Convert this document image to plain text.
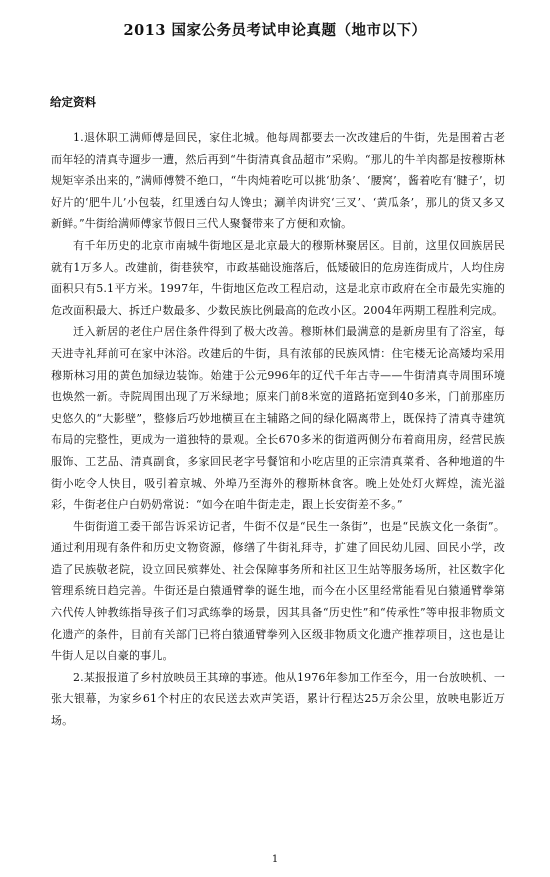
2013 国家公务员考试申论真题（地市以下）
给定资料

1.退休职工满师傅是回民，家住北城。他每周都要去一次改建后的牛街，先是围着古老而年轻的清真寺遛步一遭，然后再到“牛街清真食品超市”采购。“那儿的牛羊肉都是按穆斯林规矩宰杀出来的，”满师傅赞不绝口，“牛肉炖着吃可以挑‘肋条’、‘腰窝’，酱着吃有‘腱子’，切好片的‘肥牛儿’小包装，红里透白勾人馋虫；涮羊肉讲究‘三叉’、‘黄瓜条’，那儿的货又多又新鲜。”牛街给满师傅家节假日三代人聚餐带来了方便和欢愉。

有千年历史的北京市南城牛街地区是北京最大的穆斯林聚居区。目前，这里仅回族居民就有1万多人。改建前，街巷狭窄，市政基础设施落后，低矮破旧的危房连街成片，人均住房面积只有5.1平方米。1997年，牛街地区危改工程启动，这是北京市政府在全市最先实施的危改面积最大、拆迁户数最多、少数民族比例最高的危改小区。2004年两期工程胜利完成。

迁入新居的老住户居住条件得到了极大改善。穆斯林们最满意的是新房里有了浴室，每天进寺礼拜前可在家中沐浴。改建后的牛街，具有浓郁的民族风情：住宅楼无论高矮均采用穆斯林习用的黄色加绿边装饰。始建于公元996年的辽代千年古寺——牛街清真寺周围环境也焕然一新。寺院周围出现了万米绿地；原来门前8米宽的道路拓宽到40多米，门前那座历史悠久的“大影壁”，整修后巧妙地横亘在主辅路之间的绿化隔离带上，既保持了清真寺建筑布局的完整性，更成为一道独特的景观。全长670多米的街道两侧分布着商用房，经营民族服饰、工艺品、清真副食，多家回民老字号餐馆和小吃店里的正宗清真菜肴、各种地道的牛街小吃令人快目，吸引着京城、外埠乃至海外的穆斯林食客。晚上处处灯火辉煌，流光溢彩，牛街老住户白奶奶常说：“如今在咱牛街走走，跟上长安街差不多。”

牛街街道工委干部告诉采访记者，牛街不仅是“民生一条街”，也是“民族文化一条街”。通过利用现有条件和历史文物资源，修缮了牛街礼拜寺，扩建了回民幼儿园、回民小学，改造了民族敬老院，设立回民殡葬处、社会保障事务所和社区卫生站等服务场所，社区数字化管理系统日趋完善。牛街还是白猿通臂拳的诞生地，而今在小区里经常能看见白猿通臂拳第六代传人钟教练指导孩子们习武练拳的场景，因其具备“历史性”和“传承性”等申报非物质文化遗产的条件，目前有关部门已将白猿通臂拳列入区级非物质文化遗产推荐项目，这也是让牛街人足以自豪的事儿。

2.某报报道了乡村放映员王其璋的事迹。他从1976年参加工作至今，用一台放映机、一张大银幕，为家乡61个村庄的农民送去欢声笑语，累计行程达25万余公里，放映电影近万场。

1
